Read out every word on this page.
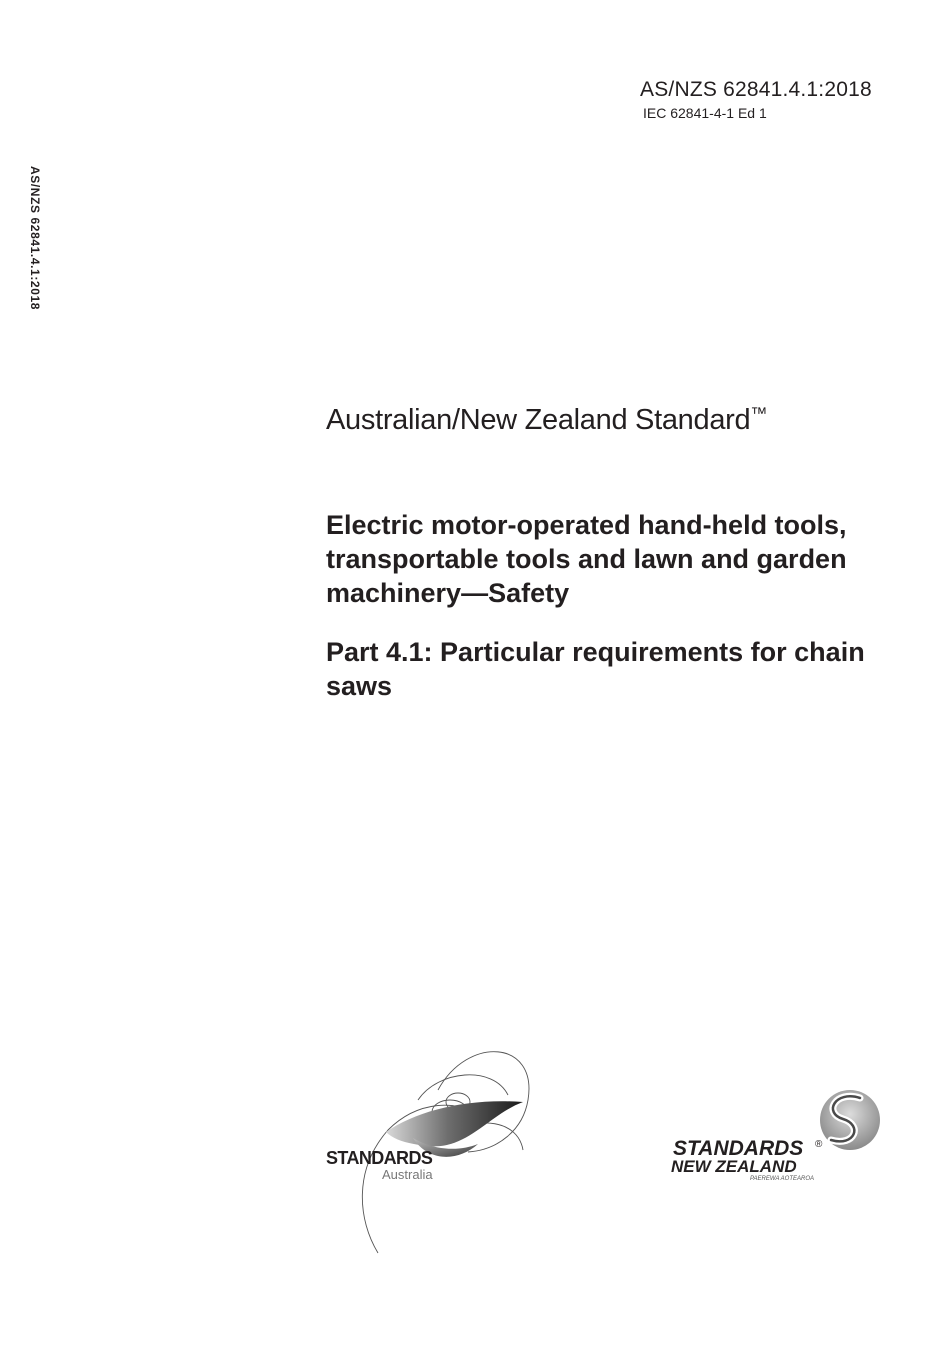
AS/NZS 62841.4.1:2018
IEC 62841-4-1 Ed 1
AS/NZS 62841.4.1:2018
Australian/New Zealand Standard™
Electric motor-operated hand-held tools, transportable tools and lawn and garden machinery—Safety
Part 4.1: Particular requirements for chain saws
STANDARDS
Australia
STANDARDS ®
NEW ZEALAND
PAEREWA AOTEAROA
